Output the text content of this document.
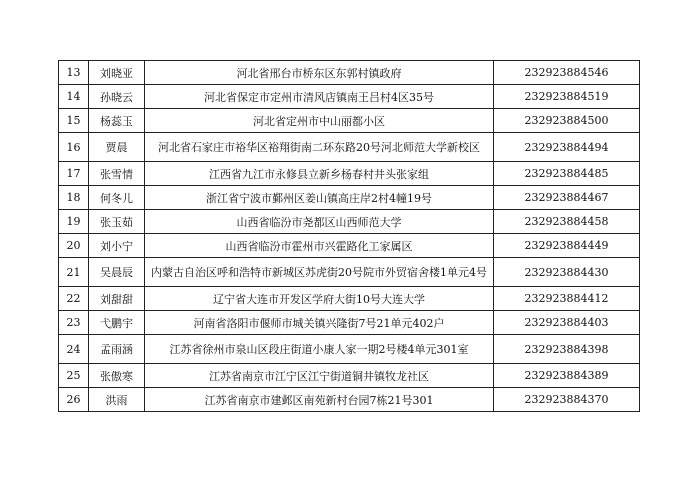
13	刘晓亚	河北省邢台市桥东区东郭村镇政府	232923884546
14	孙晓云	河北省保定市定州市清风店镇南王吕村4区35号	232923884519
15	杨蕊玉	河北省定州市中山丽都小区	232923884500
16	贾晨	河北省石家庄市裕华区裕翔街南二环东路20号河北师范大学新校区	232923884494
17	张雪情	江西省九江市永修县立新乡杨春村井头张家组	232923884485
18	何冬儿	浙江省宁波市鄞州区姜山镇高庄岸2村4幢19号	232923884467
19	张玉茹	山西省临汾市尧都区山西师范大学	232923884458
20	刘小宁	山西省临汾市霍州市兴霍路化工家属区	232923884449
21	吴晨辰	内蒙古自治区呼和浩特市新城区苏虎街20号院市外贸宿舍楼1单元4号	232923884430
22	刘甜甜	辽宁省大连市开发区学府大街10号大连大学	232923884412
23	弋鹏宇	河南省洛阳市偃师市城关镇兴隆街7号21单元402户	232923884403
24	孟雨涵	江苏省徐州市泉山区段庄街道小康人家一期2号楼4单元301室	232923884398
25	张傲寒	江苏省南京市江宁区江宁街道铜井镇牧龙社区	232923884389
26	洪雨	江苏省南京市建邺区南苑新村台园7栋21号301	232923884370
